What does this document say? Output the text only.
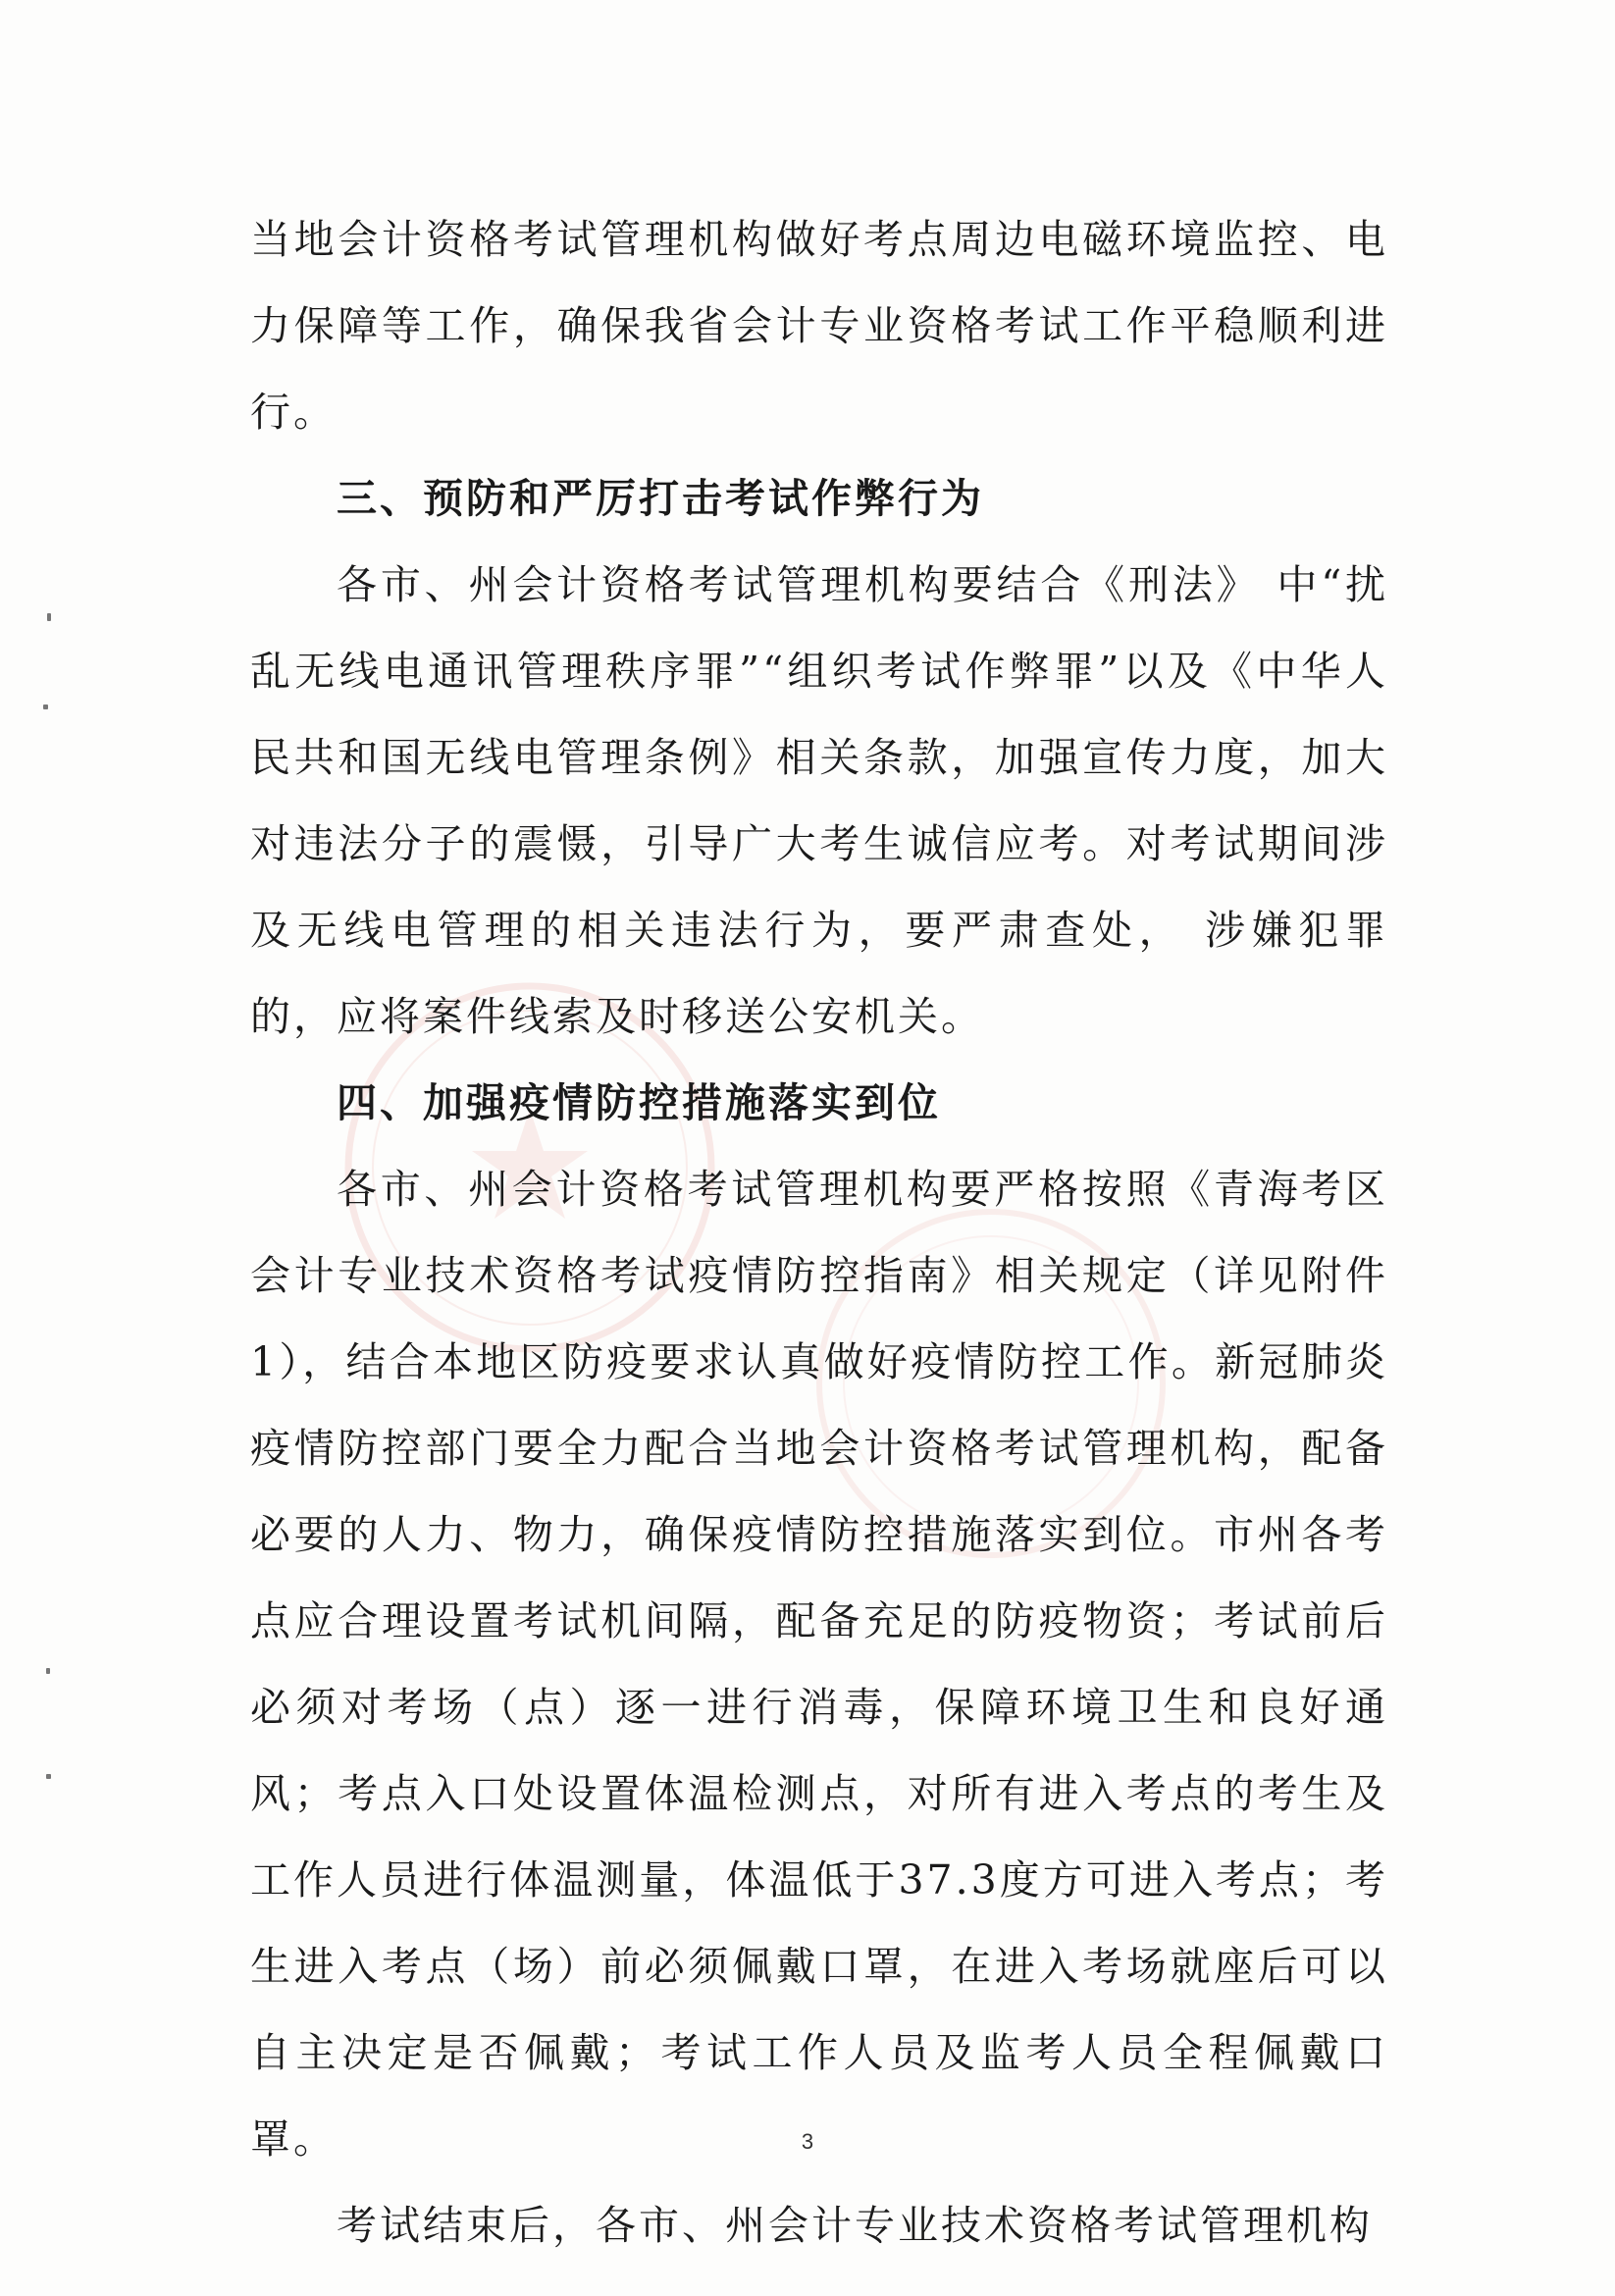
当地会计资格考试管理机构做好考点周边电磁环境监控、电力保障等工作，确保我省会计专业资格考试工作平稳顺利进行。

三、预防和严厉打击考试作弊行为

各市、州会计资格考试管理机构要结合《刑法》 中“扰乱无线电通讯管理秩序罪”“组织考试作弊罪”以及《中华人民共和国无线电管理条例》相关条款，加强宣传力度，加大对违法分子的震慑，引导广大考生诚信应考。对考试期间涉及无线电管理的相关违法行为，要严肃查处， 涉嫌犯罪的，应将案件线索及时移送公安机关。

四、加强疫情防控措施落实到位

各市、州会计资格考试管理机构要严格按照《青海考区会计专业技术资格考试疫情防控指南》相关规定（详见附件1），结合本地区防疫要求认真做好疫情防控工作。新冠肺炎疫情防控部门要全力配合当地会计资格考试管理机构，配备必要的人力、物力，确保疫情防控措施落实到位。市州各考点应合理设置考试机间隔，配备充足的防疫物资；考试前后必须对考场（点）逐一进行消毒，保障环境卫生和良好通风；考点入口处设置体温检测点，对所有进入考点的考生及工作人员进行体温测量，体温低于37.3度方可进入考点；考生进入考点（场）前必须佩戴口罩，在进入考场就座后可以自主决定是否佩戴；考试工作人员及监考人员全程佩戴口罩。

考试结束后，各市、州会计专业技术资格考试管理机构

3
